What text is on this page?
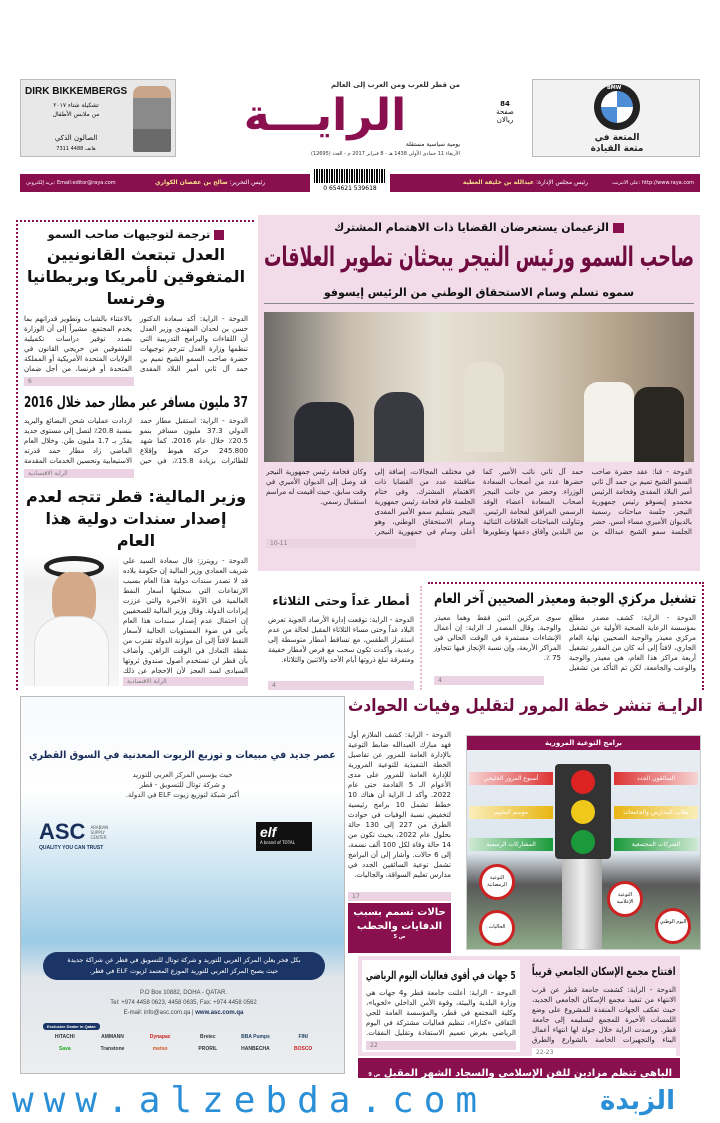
DIRK BIKKEMBERGS
تشكيلة شتاء ٢٠١٧
من ملابس الأطفال
الصالون الذكي
هاتف 4488 7311
من قطر للعرب ومن العرب إلى العالم
الرايـــة
يومية سياسية مستقلة
الأربعاء 11 جمادى الأولى 1438 هـ - 8 فبراير 2017 م - العدد (12695)
84
صفحة
ريالان
BMW
المتعة في
متعة القيادة
على الانترنت: http://www.raya.com
رئيس مجلس الإدارة: عبدالله بن خليفة العطية
0 654621 539618
رئيس التحرير: صالح بن عفصان الكواري
بريد إلكتروني: Email:editor@raya.com
الزعيمان يستعرضان القضايا ذات الاهتمام المشترك
صاحب السمو ورئيس النيجر يبحثان تطوير العلاقات
سموه تسلم وسام الاستحقاق الوطني من الرئيس إيسوفو
الدوحة - قنا: عقد حضرة صاحب السمو الشيخ تميم بن حمد آل ثاني أمير البلاد المفدى وفخامة الرئيس محمدو إيسوفو رئيس جمهورية النيجر، جلسة مباحثات رسمية بالديوان الأميري مساء أمس. حضر الجلسة سمو الشيخ عبدالله بن حمد آل ثاني نائب الأمير. كما حضرها عدد من أصحاب السعادة الوزراء. وحضر من جانب النيجر أصحاب السعادة أعضاء الوفد الرسمي المرافق لفخامة الرئيس. وتناولت المباحثات العلاقات الثنائية بين البلدين وآفاق دعمها وتطويرها في مختلف المجالات، إضافة إلى مناقشة عدد من القضايا ذات الاهتمام المشترك. وفي ختام الجلسة قام فخامة رئيس جمهورية النيجر بتسليم سمو الأمير المفدى وسام الاستحقاق الوطني، وهو أعلى وسام في جمهورية النيجر. وكان فخامة رئيس جمهورية النيجر قد وصل إلى الديوان الأميري في وقت سابق، حيث أقيمت له مراسم استقبال رسمي.
10-11
ترجمة لتوجيهات صاحب السمو
العدل تبتعث القانونيين المتفوقين لأمريكا وبريطانيا وفرنسا
الدوحة - الراية: أكد سعادة الدكتور حسن بن لحدان المهندي وزير العدل أن اللقاءات والبرامج التدريبية التي تنظمها وزارة العدل تترجم توجيهات حضرة صاحب السمو الشيخ تميم بن حمد آل ثاني أمير البلاد المفدى بالاعتناء بالشباب وتطوير قدراتهم بما يخدم المجتمع. مشيراً إلى أن الوزارة بصدد توفير دراسات تكميلية للمتفوقين من خريجي القانون في الولايات المتحدة الأمريكية أو المملكة المتحدة أو فرنسا، من أجل ضمان
6
37 مليون مسافر عبر مطار حمد خلال 2016
الدوحة - الراية: استقبل مطار حمد الدولي 37.3 مليون مسافر بنمو 20.5٪ خلال عام 2016، كما شهد 245.800 حركة هبوط وإقلاع للطائرات بزيادة 15.8٪، في حين ازدادت عمليات شحن البضائع والبريد بنسبة 20.8٪ لتصل إلى مستوى جديد يقدّر بـ 1.7 مليون طن. وخلال العام الماضي زاد مطار حمد قدرته الاستيعابية وتحسين الخدمات المقدمة
الراية الاقتصادية
وزير المالية: قطر تتجه لعدم إصدار سندات دولية هذا العام
الدوحة - رويترز: قال سعادة السيد علي شريف العمادي وزير المالية إن حكومة بلاده قد لا تصدر سندات دولية هذا العام بسبب الارتفاعات التي سجلتها أسعار النفط العالمية في الآونة الأخيرة والتي عززت إيرادات الدولة. وقال وزير المالية للصحفيين إن احتمال عدم إصدار سندات هذا العام يأتي في ضوء المستويات الحالية لأسعار النفط لافتاً إلى أن موازنة الدولة تقترب من نقطة التعادل في الوقت الراهن. وأضاف بأن قطر لن تستخدم أصول صندوق ثروتها السيادي لسد العجز لأن الإحجام عن ذلك
الراية الاقتصادية
تشغيل مركزي الوجبة ومعيذر الصحيين آخر العام
الدوحة - الراية: كشف مصدر مطلع بمؤسسة الرعاية الصحية الأولية عن تشغيل مركزي معيذر والوجبة الصحيين نهاية العام الجاري، لافتاً إلى أنه كان من المقرر تشغيل أربعة مراكز هذا العام، هي معيذر والوجبة والوعب والجامعة، لكن تم التأكد من تشغيل سوى مركزين اثنين فقط وهما معيذر والوجبة. وقال المصدر لـ الراية: إن أعمال الإنشاءات مستمرة في الوقت الحالي في المراكز الأربعة، وإن نسبة الإنجاز فيها تتجاوز 75 ٪.
4
أمطار غداً وحتى الثلاثاء
الدوحة - الراية: توقعت إدارة الأرصاد الجوية تعرض البلاد غداً وحتى مساء الثلاثاء المقبل لحالة من عدم استقرار الطقس، مع تساقط أمطار متوسطة إلى رعدية، وأكدت تكون سحب مع فرص لأمطار خفيفة ومتفرقة تبلغ ذروتها أيام الأحد والاثنين والثلاثاء.
4
عصر جديد في مبيعات و توزيع الزيوت المعدنية في السوق القطري
حيث يؤسس المركز العربي للتوريد
و شركة توتال للتسويق - قطر
أكبر شبكة لتوزيع زيوت ELF في الدولة.
ASC ARABIAN SUPPLY CENTER
QUALITY YOU CAN TRUST
elf
A brand of TOTAL
بكل فخر يعلن المركز العربي للتوريد و شركة توتال للتسويق في قطر عن شراكة جديدة
حيث يصبح المركز العربي للتوريد الموزع المعتمد لزيوت ELF في قطر.
P.O Box 10882, DOHA - QATAR.
Tel: +974 4458 0623, 4458 0635, Fax: +974 4458 0562
E-mail: info@asc.com.qa | www.asc.com.qa
Exclusive Dealer in Qatar:
HITACHI	AMMANN	Dynapac	Bretec	BBA Pumps	FINI
Sava	Transtone	metso	PRORIL	HANBECHA	BOSCO
الرايـة تنشر خطة المرور لتقليل وفيات الحوادث
الدوحة - الراية: كشف الملازم أول فهد مبارك العبدالله ضابط التوعية بالإدارة العامة للمرور عن تفاصيل الخطة التنفيذية للتوعية المرورية للإدارة العامة للمرور على مدى الأعوام الـ 5 القادمة حتى عام 2022. وأكد لـ الراية أن هناك 10 خطط تشمل 10 برامج رئيسية لتخفيض نسبة الوفيات في حوادث الطرق من 227 إلى 130 حالة بحلول عام 2022، بحيث تكون من 14 حالة وفاة لكل 100 ألف نسمة، إلى 6 حالات. وأشار إلى أن البرامج تشمل توعية السائقين الجدد في مدارس تعليم السواقة، والجاليات.
17
حالات تسمم بسبب الدفايات والحطب
ص 5
برامج التوعية المرورية
أسبوع المرور الخليجي	السائقون الجدد
موسم التخييم	طلاب المدارس والجامعات
المشاركات الرسمية	الشركات المجتمعية
التوعية الرمضانية
التوعية الإعلامية
الجاليات
اليوم الوطني
افتتاح مجمع الإسكان الجامعي قريباً
الدوحة - الراية: كشفت جامعة قطر عن قرب الانتهاء من تنفيذ مجمع الإسكان الجامعي الجديد، حيث تعكف الجهات المنفذة للمشروع على وضع اللمسات الأخيرة للمجمع لتسليمه إلى جامعة قطر. ورصدت الراية خلال جولة لها انتهاء أعمال البناء والتجهيزات الخاصة بالشوارع والطرق
22-23
5 جهات في أقوى فعاليات اليوم الرياضي
الدوحة - الراية: أعلنت جامعة قطر و4 جهات هي وزارة البلدية والبيئة، وقوة الأمن الداخلي «لخويا»، وكلية المجتمع في قطر، والمؤسسة العامة للحي الثقافي «كتارا»، تنظيم فعاليات مشتركة في اليوم الرياضي بغرض تعميم الاستفادة وتقليل النفقات.
22
الباهي تنظم مزادين للفن الإسلامي والسجاد الشهر المقبل ص 9
www.alzebda.com	الزبدة
